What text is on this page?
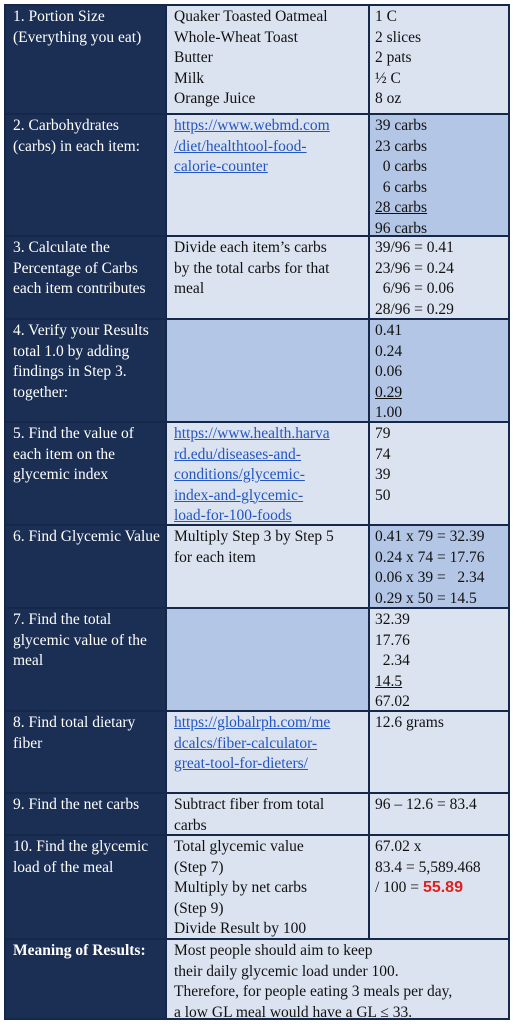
1. Portion Size (Everything you eat)
Quaker Toasted Oatmeal
Whole-Wheat Toast
Butter
Milk
Orange Juice
1 C
2 slices
2 pats
½ C
8 oz
2. Carbohydrates (carbs) in each item:
https://www.webmd.com
/diet/healthtool-food-
calorie-counter
39 carbs
23 carbs
0 carbs
6 carbs
28 carbs
96 carbs
3. Calculate the Percentage of Carbs each item contributes
Divide each item’s carbs
by the total carbs for that
meal
39/96 = 0.41
23/96 = 0.24
6/96 = 0.06
28/96 = 0.29
4. Verify your Results total 1.0 by adding findings in Step 3. together:
0.41
0.24
0.06
0.29
1.00
5. Find the value of each item on the glycemic index
https://www.health.harva
rd.edu/diseases-and-
conditions/glycemic-
index-and-glycemic-
load-for-100-foods
79
74
39
50
6. Find Glycemic Value Multiply Step 3 by Step 5
for each item
0.41 x 79 = 32.39
0.24 x 74 = 17.76
0.06 x 39 =   2.34
0.29 x 50 = 14.5
7. Find the total glycemic value of the meal
32.39
17.76
2.34
14.5
67.02
8. Find total dietary fiber
https://globalrph.com/me
dcalcs/fiber-calculator-
great-tool-for-dieters/
12.6 grams
9. Find the net carbs	Subtract fiber from total
carbs
96 – 12.6 = 83.4
10. Find the glycemic load of the meal
Total glycemic value
(Step 7)
Multiply by net carbs
(Step 9)
Divide Result by 100
67.02 x
83.4 = 5,589.468
/ 100 = 55.89
Meaning of Results:	Most people should aim to keep
their daily glycemic load under 100.
Therefore, for people eating 3 meals per day,
a low GL meal would have a GL ≤ 33.
